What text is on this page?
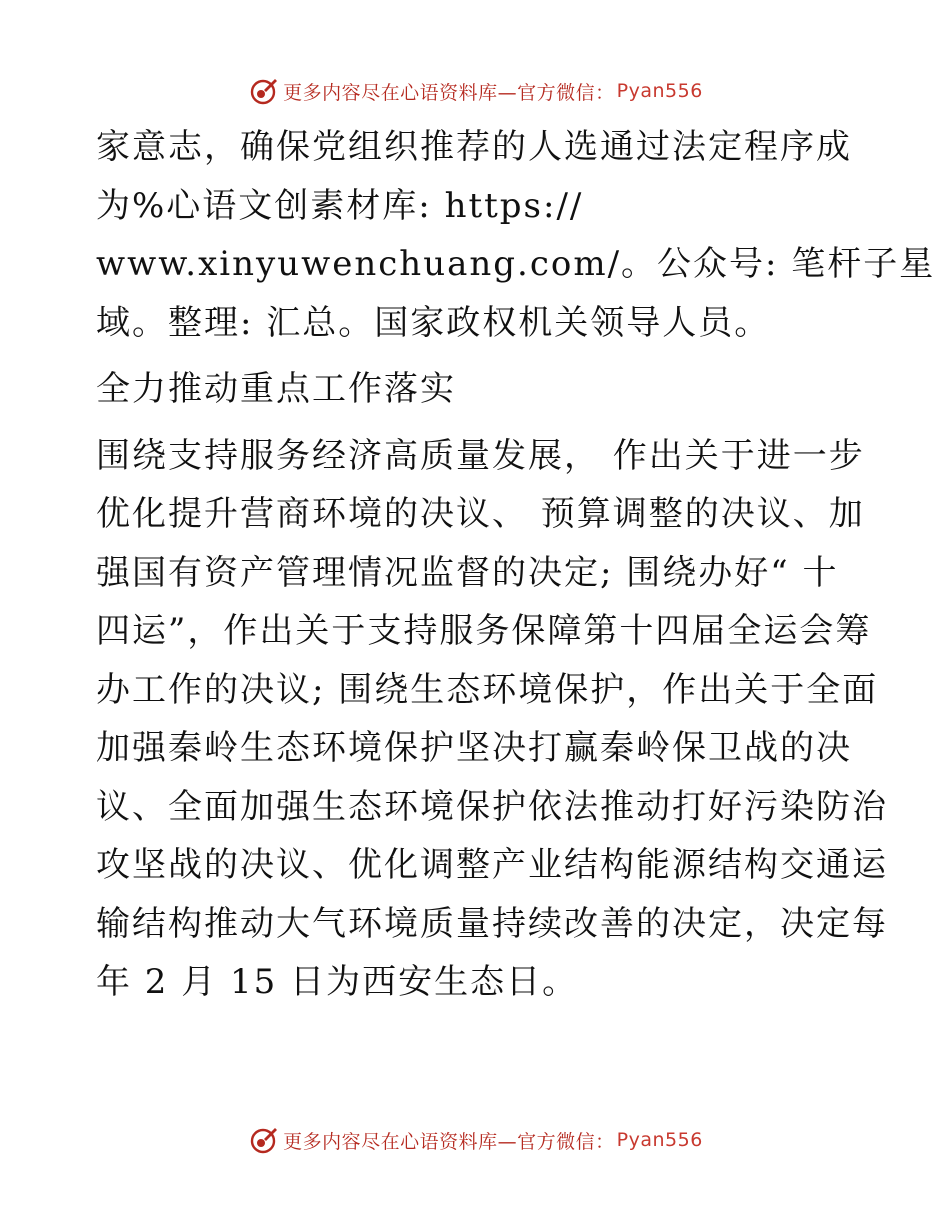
更多内容尽在心语资料库—官方微信： Pyan556
家意志，确保党组织推荐的人选通过法定程序成
为%心语文创素材库: https://
www.xinyuwenchuang.com/。公众号: 笔杆子星
域。整理: 汇总。国家政权机关领导人员。
全力推动重点工作落实
围绕支持服务经济高质量发展， 作出关于进一步
优化提升营商环境的决议、 预算调整的决议、加
强国有资产管理情况监督的决定; 围绕办好“ 十
四运”，作出关于支持服务保障第十四届全运会筹
办工作的决议; 围绕生态环境保护，作出关于全面
加强秦岭生态环境保护坚决打赢秦岭保卫战的决
议、全面加强生态环境保护依法推动打好污染防治
攻坚战的决议、优化调整产业结构能源结构交通运
输结构推动大气环境质量持续改善的决定，决定每
年 2 月 15 日为西安生态日。
更多内容尽在心语资料库—官方微信： Pyan556
